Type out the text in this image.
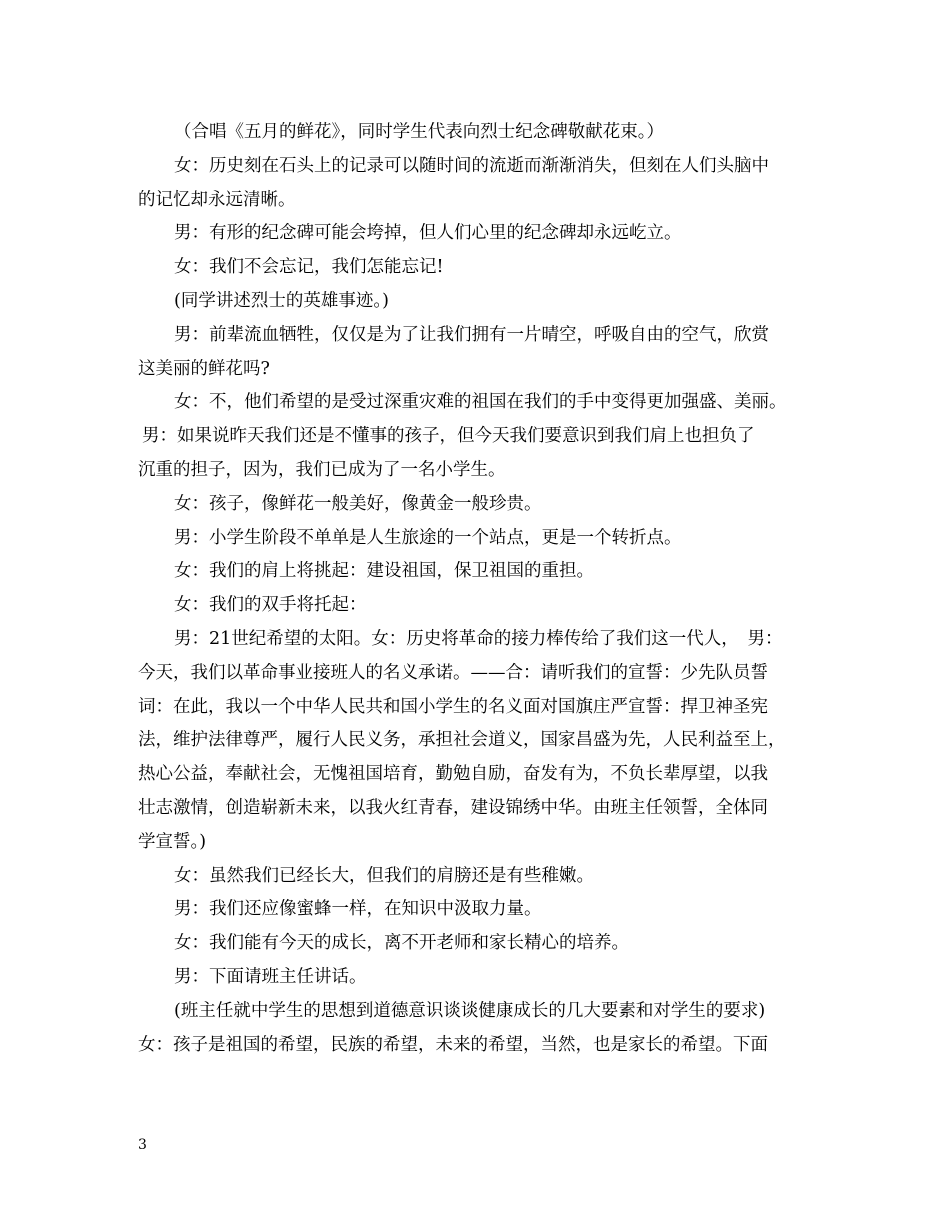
（合唱《五月的鲜花》，同时学生代表向烈士纪念碑敬献花束。）
女：历史刻在石头上的记录可以随时间的流逝而渐渐消失，但刻在人们头脑中
的记忆却永远清晰。
男：有形的纪念碑可能会垮掉，但人们心里的纪念碑却永远屹立。
女：我们不会忘记，我们怎能忘记!
(同学讲述烈士的英雄事迹。)
男：前辈流血牺牲，仅仅是为了让我们拥有一片晴空，呼吸自由的空气，欣赏
这美丽的鲜花吗?
女：不，他们希望的是受过深重灾难的祖国在我们的手中变得更加强盛、美丽。
男：如果说昨天我们还是不懂事的孩子，但今天我们要意识到我们肩上也担负了
沉重的担子，因为，我们已成为了一名小学生。
女：孩子，像鲜花一般美好，像黄金一般珍贵。
男：小学生阶段不单单是人生旅途的一个站点，更是一个转折点。
女：我们的肩上将挑起：建设祖国，保卫祖国的重担。
女：我们的双手将托起：
男：21世纪希望的太阳。女：历史将革命的接力棒传给了我们这一代人，　男：
今天，我们以革命事业接班人的名义承诺。——合：请听我们的宣誓：少先队员誓
词：在此，我以一个中华人民共和国小学生的名义面对国旗庄严宣誓：捍卫神圣宪
法，维护法律尊严，履行人民义务，承担社会道义，国家昌盛为先，人民利益至上，
热心公益，奉献社会，无愧祖国培育，勤勉自励，奋发有为，不负长辈厚望，以我
壮志激情，创造崭新未来，以我火红青春，建设锦绣中华。由班主任领誓，全体同
学宣誓。)
女：虽然我们已经长大，但我们的肩膀还是有些稚嫩。
男：我们还应像蜜蜂一样，在知识中汲取力量。
女：我们能有今天的成长，离不开老师和家长精心的培养。
男：下面请班主任讲话。
(班主任就中学生的思想到道德意识谈谈健康成长的几大要素和对学生的要求)
女：孩子是祖国的希望，民族的希望，未来的希望，当然，也是家长的希望。下面
3
